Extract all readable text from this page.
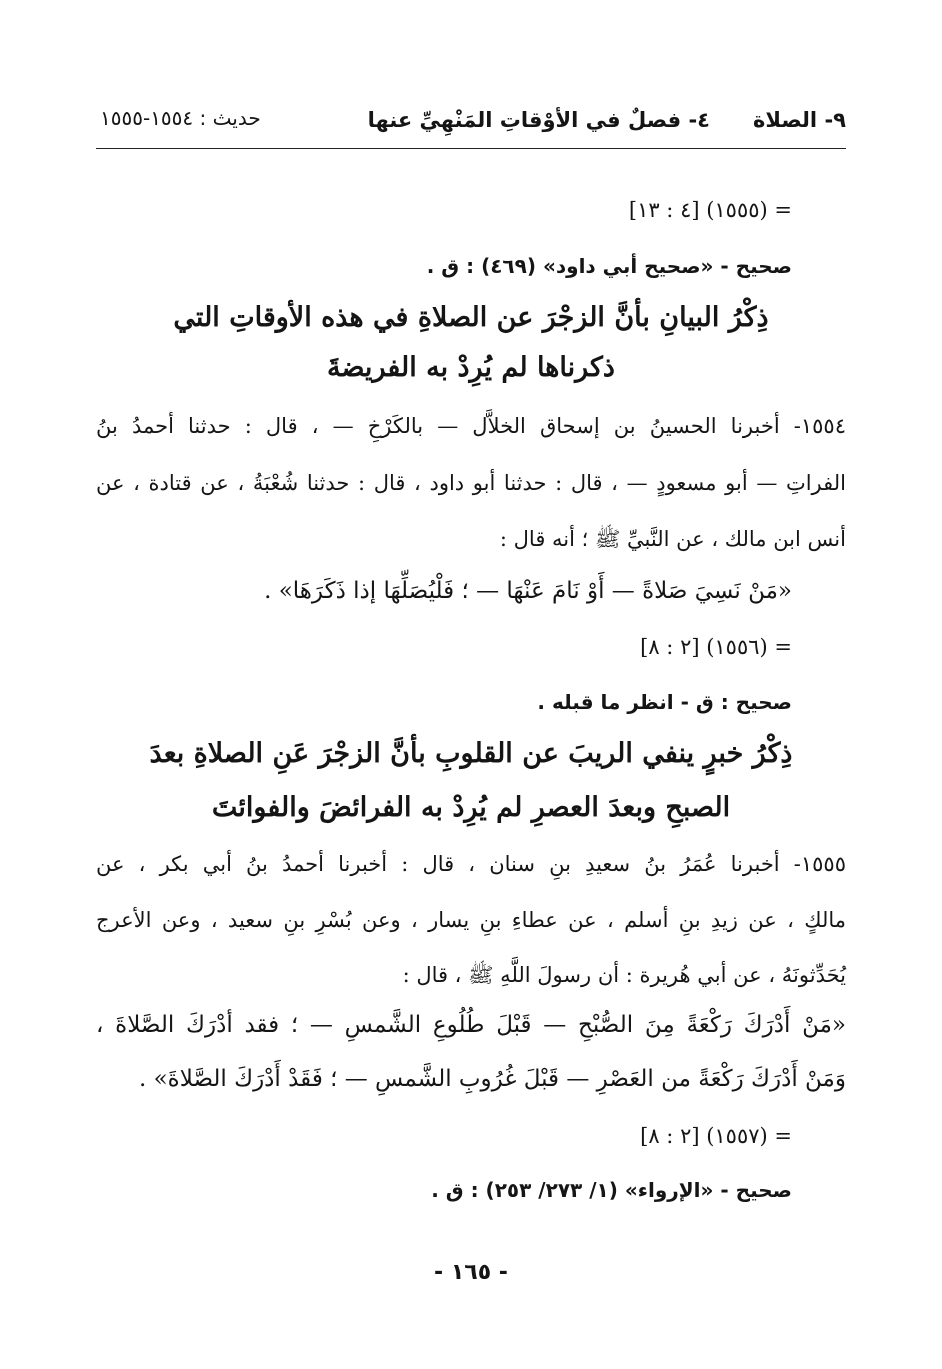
٩- الصلاة
٤- فصلٌ في الأوْقاتِ المَنْهِيِّ عنها
حديث : ١٥٥٤-١٥٥٥
= (١٥٥٥) [٤ : ١٣]
صحيح - «صحيح أبي داود» (٤٦٩) : ق .
ذِكْرُ البيانِ بأنَّ الزجْرَ عن الصلاةِ في هذه الأوقاتِ التي
ذكرناها لم يُرِدْ به الفريضةَ
١٥٥٤- أخبرنا الحسينُ بن إسحاق الخلاَّل — بالكَرْخِ — ، قال : حدثنا أحمدُ بنُ
الفراتِ — أبو مسعودٍ — ، قال : حدثنا أبو داود ، قال : حدثنا شُعْبَةُ ، عن قتادة ، عن
أنس ابن مالك ، عن النَّبيِّ ﷺ ؛ أنه قال :
«مَنْ نَسِيَ صَلاةً — أَوْ نَامَ عَنْهَا — ؛ فَلْيُصَلِّهَا إذا ذَكَرَهَا» .
= (١٥٥٦) [٢ : ٨]
صحيح : ق - انظر ما قبله .
ذِكْرُ خبرٍ ينفي الريبَ عن القلوبِ بأنَّ الزجْرَ عَنِ الصلاةِ بعدَ
الصبحِ وبعدَ العصرِ لم يُرِدْ به الفرائضَ والفوائتَ
١٥٥٥- أخبرنا عُمَرُ بنُ سعيدِ بنِ سنان ، قال : أخبرنا أحمدُ بنُ أبي بكر ، عن
مالكٍ ، عن زيدِ بنِ أسلم ، عن عطاءِ بنِ يسار ، وعن بُسْرِ بنِ سعيد ، وعن الأعرج
يُحَدِّثونَهُ ، عن أبي هُريرة : أن رسولَ اللَّهِ ﷺ ، قال :
«مَنْ أَدْرَكَ رَكْعَةً مِنَ الصُّبْحِ — قَبْلَ طُلُوعِ الشَّمسِ — ؛ فقد أدْرَكَ الصَّلاةَ ،
وَمَنْ أَدْرَكَ رَكْعَةً من العَصْرِ — قَبْلَ غُرُوبِ الشَّمسِ — ؛ فَقَدْ أَدْرَكَ الصَّلاةَ» .
= (١٥٥٧) [٢ : ٨]
صحيح - «الإرواء» (١/ ٢٧٣/ ٢٥٣) : ق .
- ١٦٥ -
